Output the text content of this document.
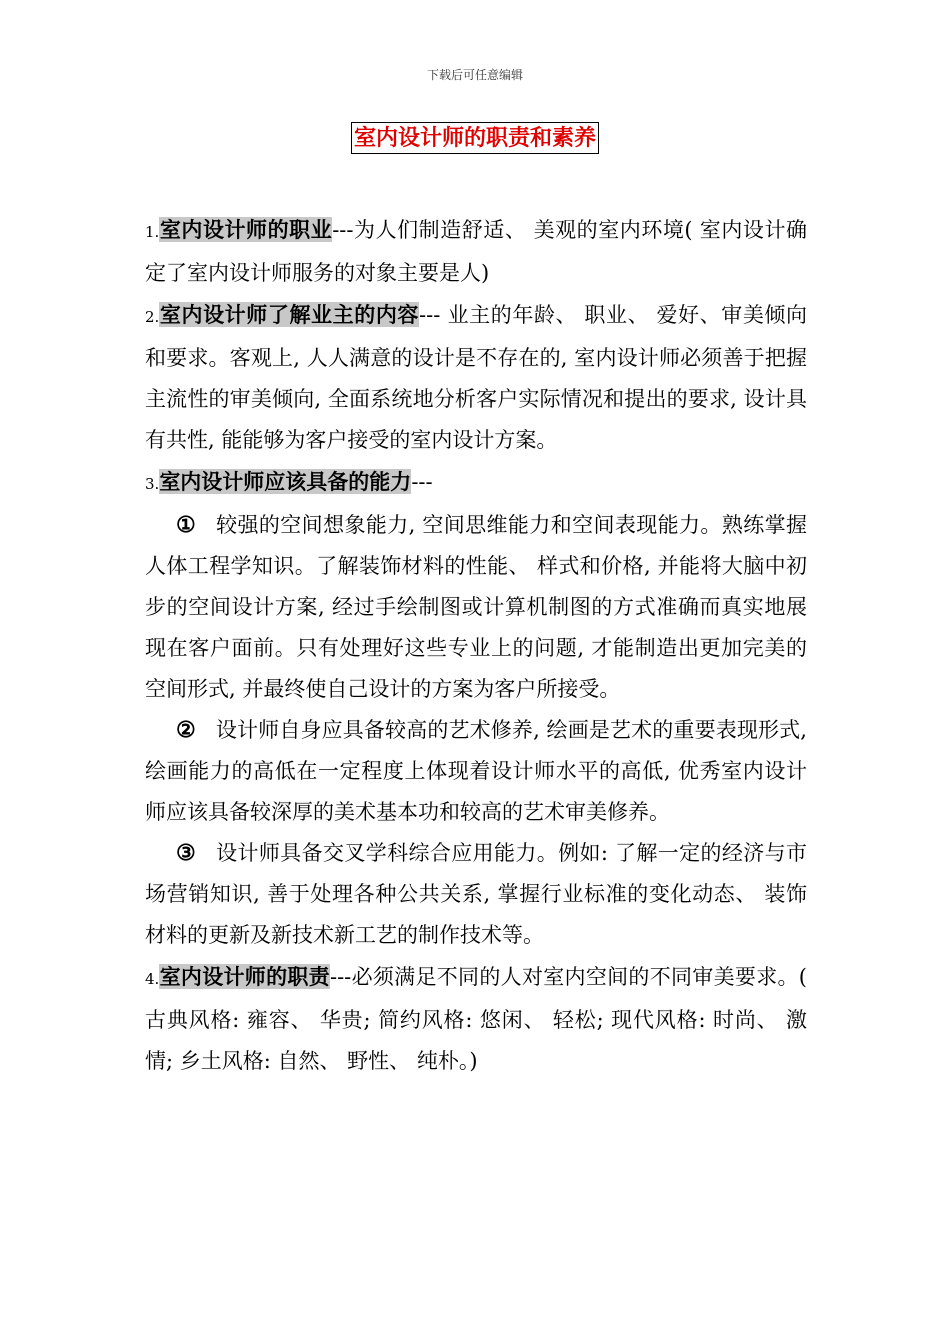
下载后可任意编辑
室内设计师的职责和素养

1.室内设计师的职业---为人们制造舒适、 美观的室内环境( 室内设计确定了室内设计师服务的对象主要是人)

2.室内设计师了解业主的内容--- 业主的年龄、 职业、 爱好、审美倾向和要求。客观上, 人人满意的设计是不存在的, 室内设计师必须善于把握主流性的审美倾向, 全面系统地分析客户实际情况和提出的要求, 设计具有共性, 能能够为客户接受的室内设计方案。

3.室内设计师应该具备的能力---

① 较强的空间想象能力, 空间思维能力和空间表现能力。熟练掌握人体工程学知识。了解装饰材料的性能、 样式和价格, 并能将大脑中初步的空间设计方案, 经过手绘制图或计算机制图的方式准确而真实地展现在客户面前。只有处理好这些专业上的问题, 才能制造出更加完美的空间形式, 并最终使自己设计的方案为客户所接受。

② 设计师自身应具备较高的艺术修养, 绘画是艺术的重要表现形式, 绘画能力的高低在一定程度上体现着设计师水平的高低, 优秀室内设计师应该具备较深厚的美术基本功和较高的艺术审美修养。

③ 设计师具备交叉学科综合应用能力。例如: 了解一定的经济与市场营销知识, 善于处理各种公共关系, 掌握行业标准的变化动态、 装饰材料的更新及新技术新工艺的制作技术等。

4.室内设计师的职责---必须满足不同的人对室内空间的不同审美要求。( 古典风格: 雍容、 华贵; 简约风格: 悠闲、 轻松; 现代风格: 时尚、 激情; 乡土风格: 自然、 野性、 纯朴。)
